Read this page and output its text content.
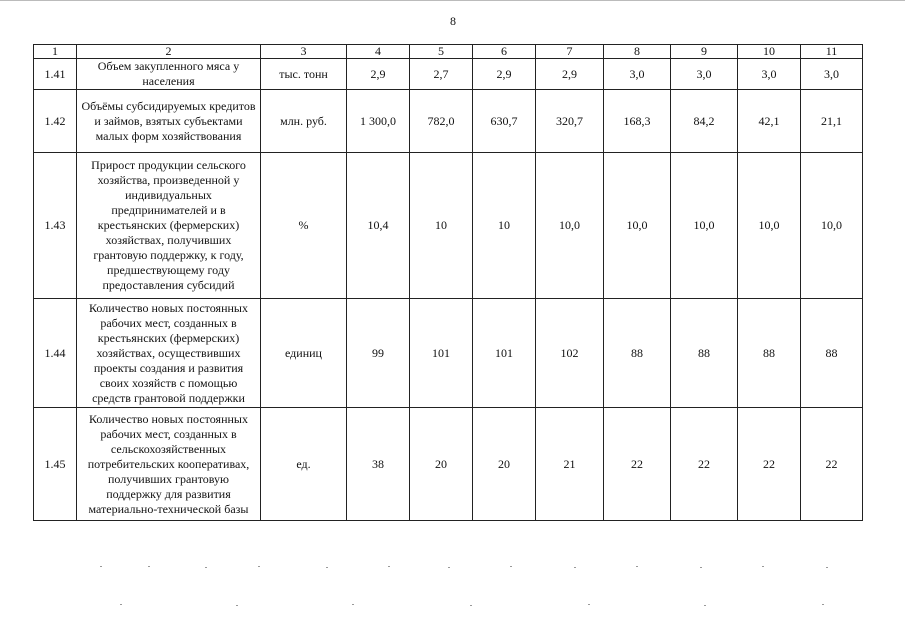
8
1	2	3	4	5	6	7	8	9	10	11
1.41	Объем закупленного мяса у населения	тыс. тонн	2,9	2,7	2,9	2,9	3,0	3,0	3,0	3,0
1.42	Объёмы субсидируемых кредитов и займов, взятых субъектами малых форм хозяйствования	млн. руб.	1 300,0	782,0	630,7	320,7	168,3	84,2	42,1	21,1
1.43	Прирост продукции сельского хозяйства, произведенной у индивидуальных предпринимателей и в крестьянских (фермерских) хозяйствах, получивших грантовую поддержку, к году, предшествующему году предоставления субсидий	%	10,4	10	10	10,0	10,0	10,0	10,0	10,0
1.44	Количество новых постоянных рабочих мест, созданных в крестьянских (фермерских) хозяйствах, осуществивших проекты создания и развития своих хозяйств с помощью средств грантовой поддержки	единиц	99	101	101	102	88	88	88	88
1.45	Количество новых постоянных рабочих мест, созданных в сельскохозяйственных потребительских кооперативах, получивших грантовую поддержку для развития материально-технической базы	ед.	38	20	20	21	22	22	22	22
